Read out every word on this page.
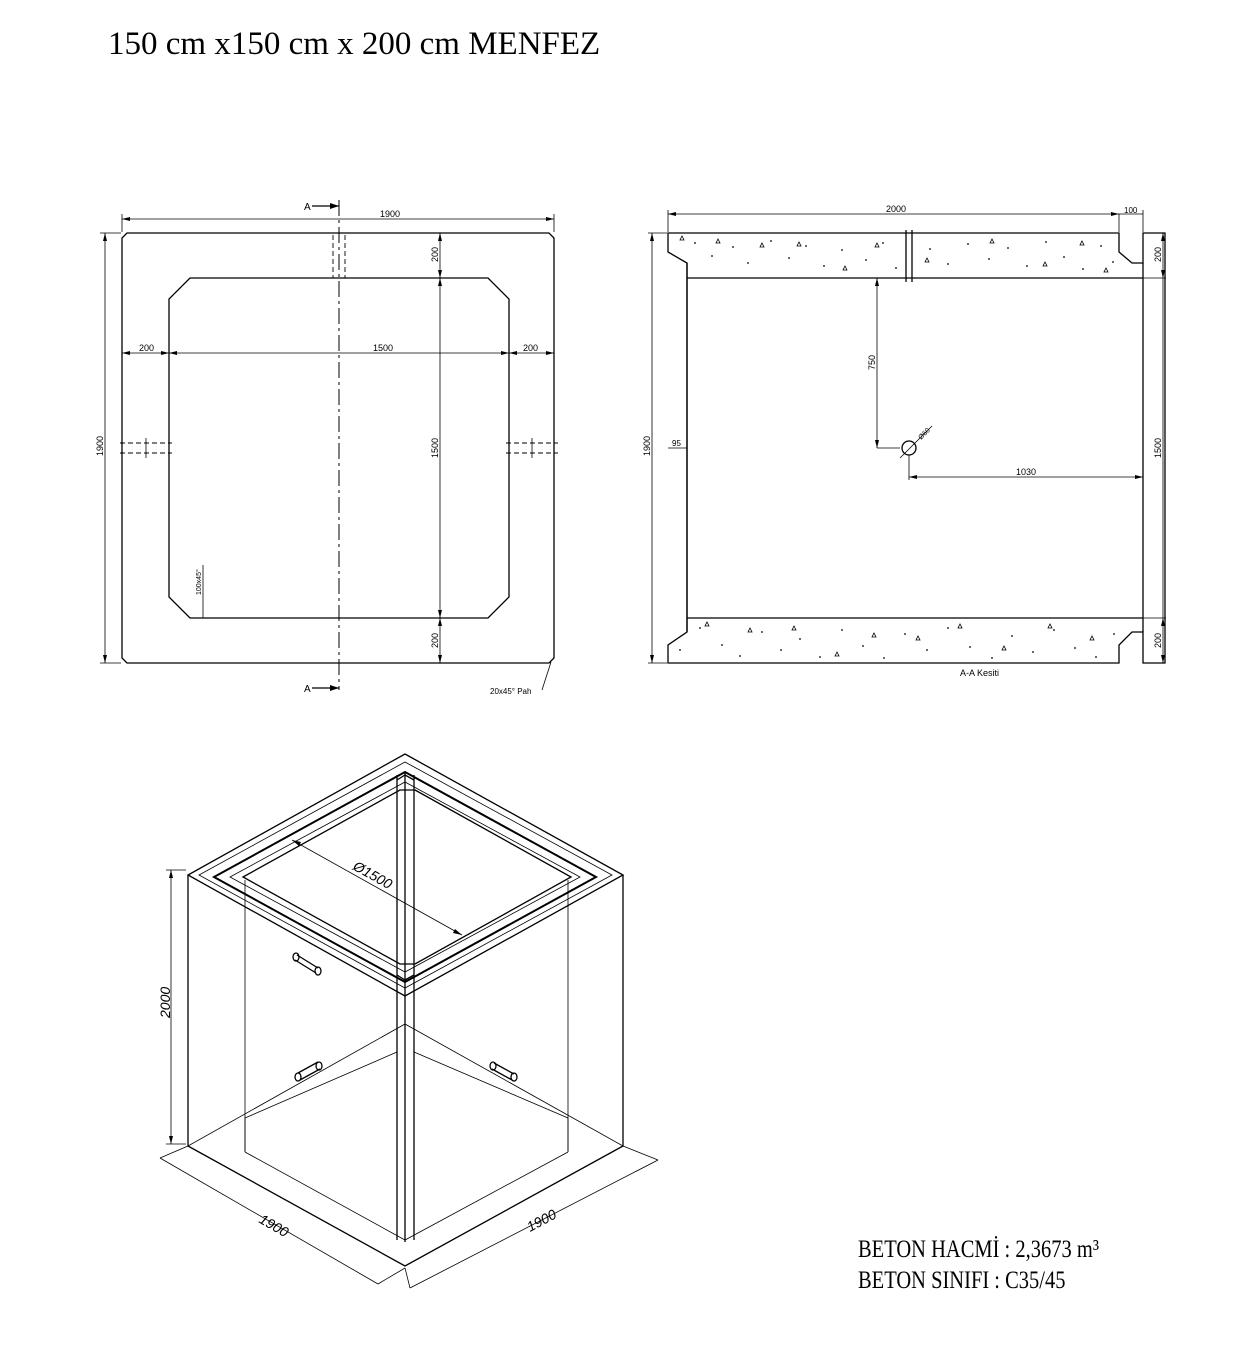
150 cm x150 cm x 200 cm MENFEZ
A
A
1900
1900
200	1500	200
200
1500
200
100x45°
20x45° Pah
Ø60
2000	100
1900	95
200
1500
200
750
1030
A-A Kesiti
Ø1500
2000
1900	1900
BETON HACMİ : 2,3673 m³
BETON SINIFI : C35/45
